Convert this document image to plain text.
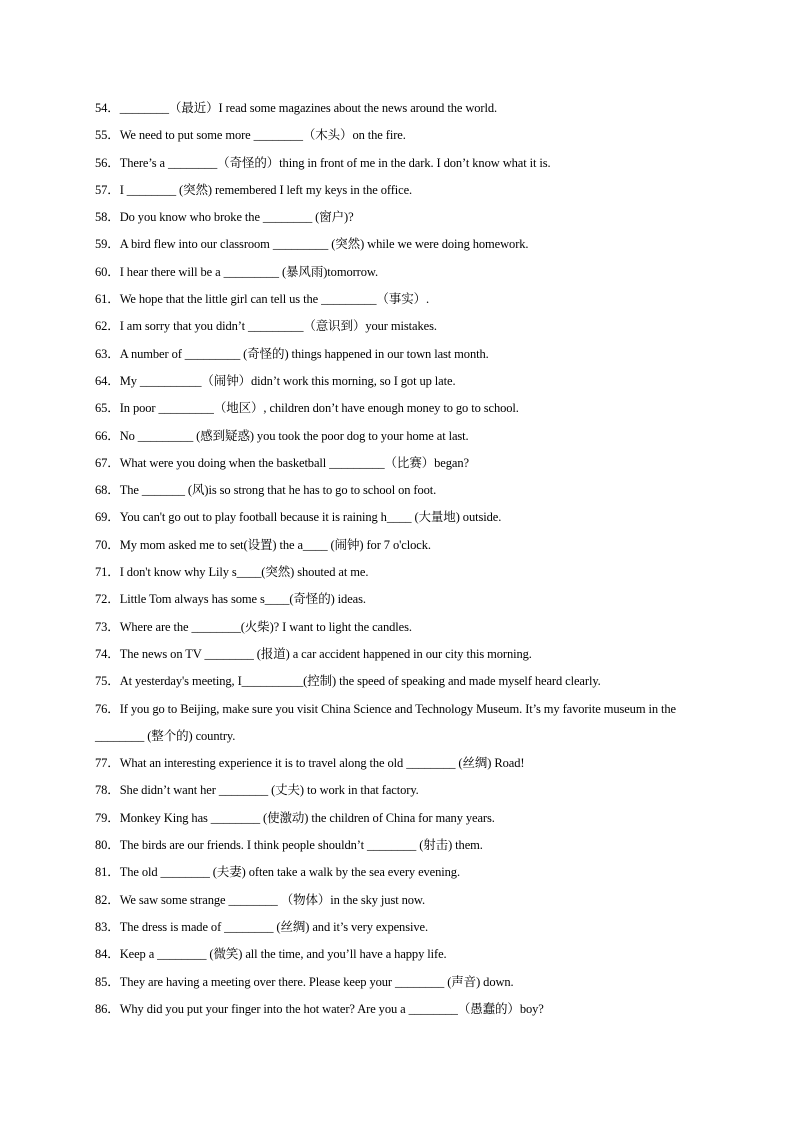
54．________（最近）I read some magazines about the news around the world.
55．We need to put some more ________（木头）on the fire.
56．There’s a ________（奇怪的）thing in front of me in the dark. I don’t know what it is.
57．I ________ (突然) remembered I left my keys in the office.
58．Do you know who broke the ________ (窗户)?
59．A bird flew into our classroom _________ (突然) while we were doing homework.
60．I hear there will be a _________ (暴风雨)tomorrow.
61．We hope that the little girl can tell us the _________（事实）.
62．I am sorry that you didn’t _________（意识到）your mistakes.
63．A number of _________ (奇怪的) things happened in our town last month.
64．My __________（闹钟）didn’t work this morning, so I got up late.
65．In poor _________（地区）, children don’t have enough money to go to school.
66．No _________ (感到疑惑) you took the poor dog to your home at last.
67．What were you doing when the basketball _________（比赛）began?
68．The _______ (风)is so strong that he has to go to school on foot.
69．You can't go out to play football because it is raining h____ (大量地) outside.
70．My mom asked me to set(设置) the a____ (闹钟) for 7 o'clock.
71．I don't know why Lily s____(突然) shouted at me.
72．Little Tom always has some s____(奇怪的) ideas.
73．Where are the ________(火柴)? I want to light the candles.
74．The news on TV ________ (报道) a car accident happened in our city this morning.
75．At yesterday's meeting, I__________(控制) the speed of speaking and made myself heard clearly.
76．If you go to Beijing, make sure you visit China Science and Technology Museum. It’s my favorite museum in the ________ (整个的) country.
77．What an interesting experience it is to travel along the old ________ (丝绸) Road!
78．She didn’t want her ________ (丈夫) to work in that factory.
79．Monkey King has ________ (使激动) the children of China for many years.
80．The birds are our friends. I think people shouldn’t ________ (射击) them.
81．The old ________ (夫妻) often take a walk by the sea every evening.
82．We saw some strange ________ （物体）in the sky just now.
83．The dress is made of ________ (丝绸) and it’s very expensive.
84．Keep a ________ (微笑) all the time, and you’ll have a happy life.
85．They are having a meeting over there. Please keep your ________ (声音) down.
86．Why did you put your finger into the hot water? Are you a ________（愚蠢的）boy?
